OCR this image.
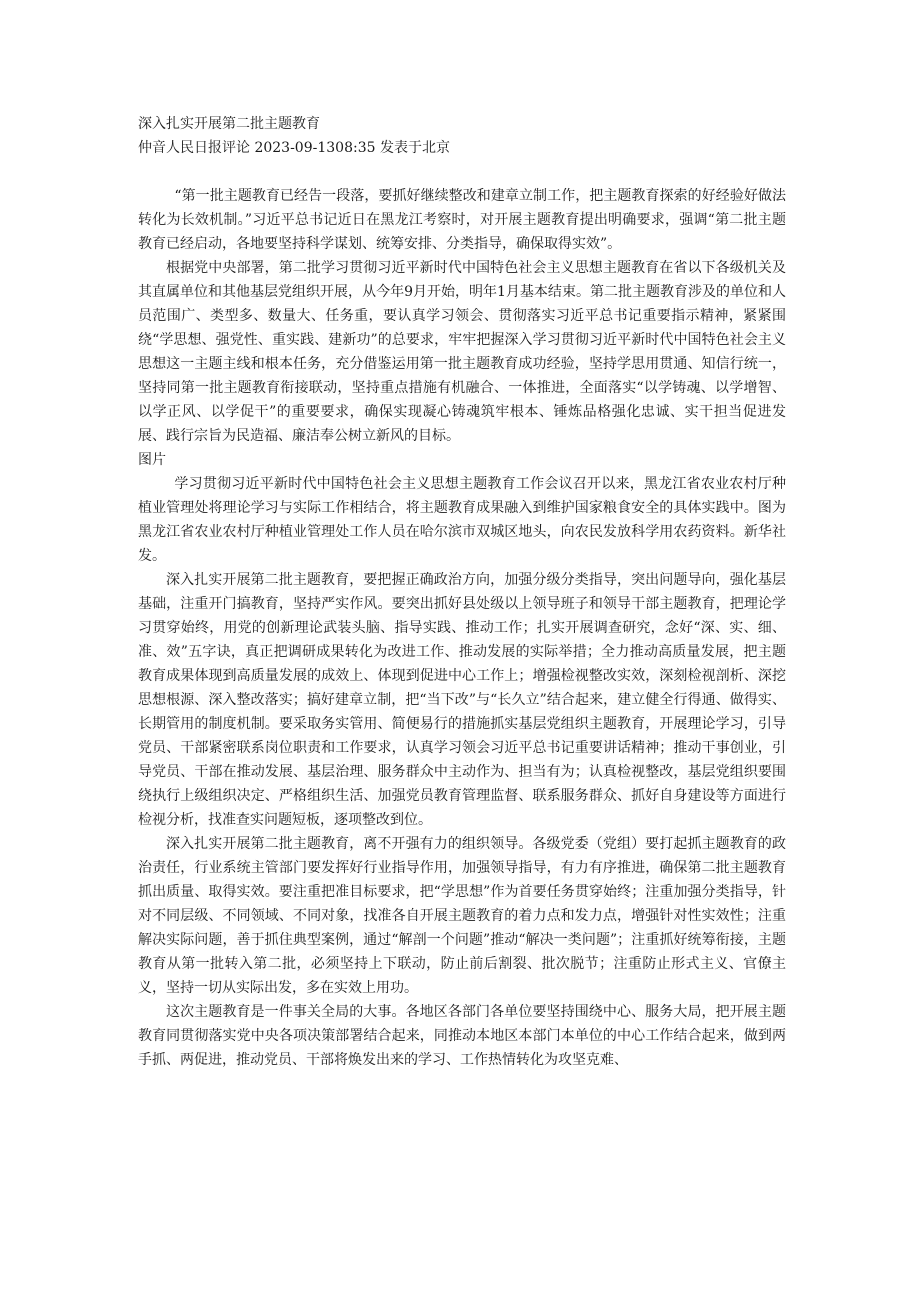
深入扎实开展第二批主题教育

仲音人民日报评论 2023-09-1308:35 发表于北京

“第一批主题教育已经告一段落，要抓好继续整改和建章立制工作，把主题教育探索的好经验好做法转化为长效机制。”习近平总书记近日在黑龙江考察时，对开展主题教育提出明确要求，强调“第二批主题教育已经启动，各地要坚持科学谋划、统筹安排、分类指导，确保取得实效”。

根据党中央部署，第二批学习贯彻习近平新时代中国特色社会主义思想主题教育在省以下各级机关及其直属单位和其他基层党组织开展，从今年9月开始，明年1月基本结束。第二批主题教育涉及的单位和人员范围广、类型多、数量大、任务重，要认真学习领会、贯彻落实习近平总书记重要指示精神，紧紧围绕“学思想、强党性、重实践、建新功”的总要求，牢牢把握深入学习贯彻习近平新时代中国特色社会主义思想这一主题主线和根本任务，充分借鉴运用第一批主题教育成功经验，坚持学思用贯通、知信行统一，坚持同第一批主题教育衔接联动，坚持重点措施有机融合、一体推进，全面落实“以学铸魂、以学增智、以学正风、以学促干”的重要要求，确保实现凝心铸魂筑牢根本、锤炼品格强化忠诚、实干担当促进发展、践行宗旨为民造福、廉洁奉公树立新风的目标。

图片

学习贯彻习近平新时代中国特色社会主义思想主题教育工作会议召开以来，黑龙江省农业农村厅种植业管理处将理论学习与实际工作相结合，将主题教育成果融入到维护国家粮食安全的具体实践中。图为黑龙江省农业农村厅种植业管理处工作人员在哈尔滨市双城区地头，向农民发放科学用农药资料。新华社发。

深入扎实开展第二批主题教育，要把握正确政治方向，加强分级分类指导，突出问题导向，强化基层基础，注重开门搞教育，坚持严实作风。要突出抓好县处级以上领导班子和领导干部主题教育，把理论学习贯穿始终，用党的创新理论武装头脑、指导实践、推动工作；扎实开展调查研究，念好“深、实、细、准、效”五字诀，真正把调研成果转化为改进工作、推动发展的实际举措；全力推动高质量发展，把主题教育成果体现到高质量发展的成效上、体现到促进中心工作上；增强检视整改实效，深刻检视剖析、深挖思想根源、深入整改落实；搞好建章立制，把“当下改”与“长久立”结合起来，建立健全行得通、做得实、长期管用的制度机制。要采取务实管用、简便易行的措施抓实基层党组织主题教育，开展理论学习，引导党员、干部紧密联系岗位职责和工作要求，认真学习领会习近平总书记重要讲话精神；推动干事创业，引导党员、干部在推动发展、基层治理、服务群众中主动作为、担当有为；认真检视整改，基层党组织要围绕执行上级组织决定、严格组织生活、加强党员教育管理监督、联系服务群众、抓好自身建设等方面进行检视分析，找准查实问题短板，逐项整改到位。

深入扎实开展第二批主题教育，离不开强有力的组织领导。各级党委（党组）要打起抓主题教育的政治责任，行业系统主管部门要发挥好行业指导作用，加强领导指导，有力有序推进，确保第二批主题教育抓出质量、取得实效。要注重把准目标要求，把“学思想”作为首要任务贯穿始终；注重加强分类指导，针对不同层级、不同领域、不同对象，找准各自开展主题教育的着力点和发力点，增强针对性实效性；注重解决实际问题，善于抓住典型案例，通过“解剖一个问题”推动“解决一类问题”；注重抓好统筹衔接，主题教育从第一批转入第二批，必须坚持上下联动，防止前后割裂、批次脱节；注重防止形式主义、官僚主义，坚持一切从实际出发，多在实效上用功。

这次主题教育是一件事关全局的大事。各地区各部门各单位要坚持围绕中心、服务大局，把开展主题教育同贯彻落实党中央各项决策部署结合起来，同推动本地区本部门本单位的中心工作结合起来，做到两手抓、两促进，推动党员、干部将焕发出来的学习、工作热情转化为攻坚克难、
